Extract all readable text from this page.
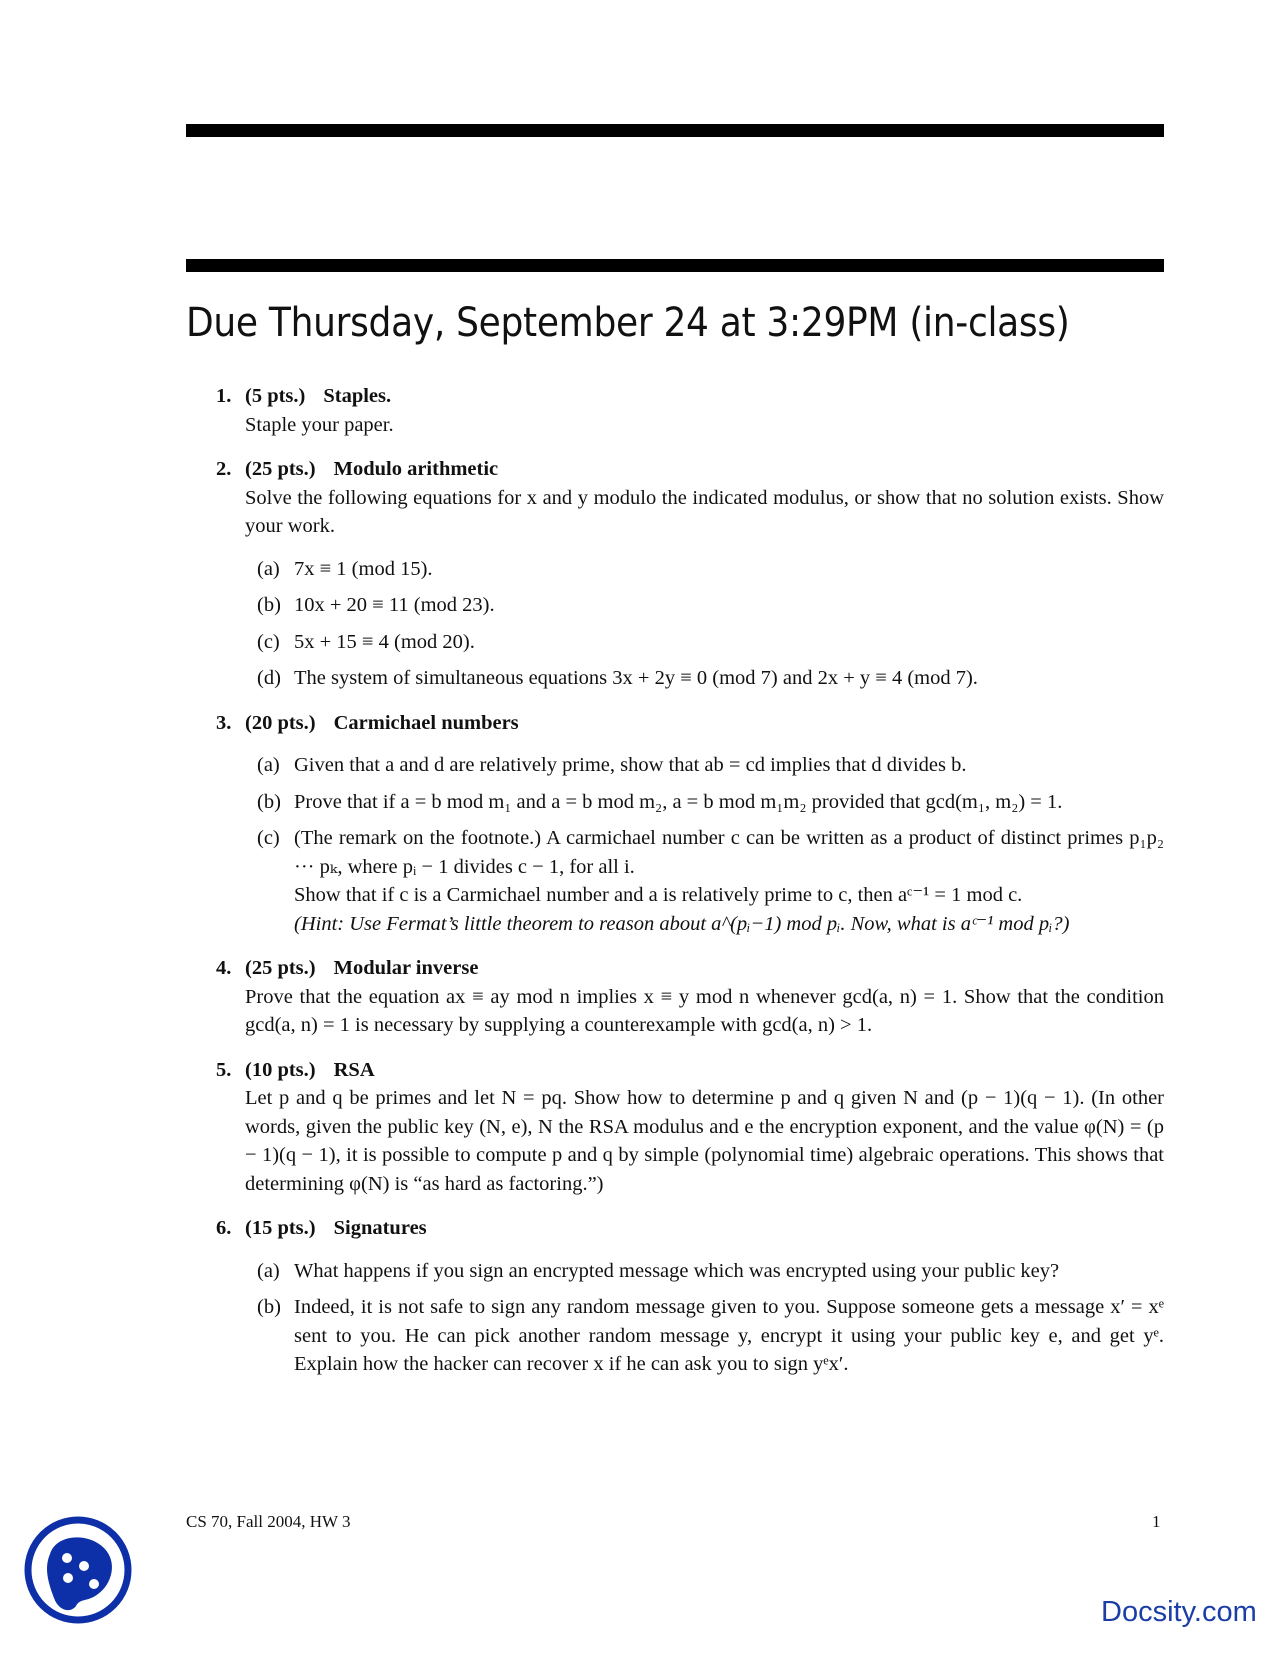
Due Thursday, September 24 at 3:29PM (in-class)
1. (5 pts.) Staples.
Staple your paper.
2. (25 pts.) Modulo arithmetic
Solve the following equations for x and y modulo the indicated modulus, or show that no solution exists. Show your work.
(a) 7x ≡ 1 (mod 15).
(b) 10x + 20 ≡ 11 (mod 23).
(c) 5x + 15 ≡ 4 (mod 20).
(d) The system of simultaneous equations 3x + 2y ≡ 0 (mod 7) and 2x + y ≡ 4 (mod 7).
3. (20 pts.) Carmichael numbers
(a) Given that a and d are relatively prime, show that ab = cd implies that d divides b.
(b) Prove that if a = b mod m₁ and a = b mod m₂, a = b mod m₁m₂ provided that gcd(m₁, m₂) = 1.
(c) (The remark on the footnote.) A carmichael number c can be written as a product of distinct primes p₁p₂ ··· pₖ, where pᵢ − 1 divides c − 1, for all i.

Show that if c is a Carmichael number and a is relatively prime to c, then aᶜ⁻¹ = 1 mod c.

(Hint: Use Fermat’s little theorem to reason about a^(pᵢ−1) mod pᵢ. Now, what is aᶜ⁻¹ mod pᵢ?)

4. (25 pts.) Modular inverse
Prove that the equation ax ≡ ay mod n implies x ≡ y mod n whenever gcd(a, n) = 1. Show that the condition gcd(a, n) = 1 is necessary by supplying a counterexample with gcd(a, n) > 1.
5. (10 pts.) RSA
Let p and q be primes and let N = pq. Show how to determine p and q given N and (p − 1)(q − 1). (In other words, given the public key (N, e), N the RSA modulus and e the encryption exponent, and the value φ(N) = (p − 1)(q − 1), it is possible to compute p and q by simple (polynomial time) algebraic operations. This shows that determining φ(N) is “as hard as factoring.”)
6. (15 pts.) Signatures
(a) What happens if you sign an encrypted message which was encrypted using your public key?
(b) Indeed, it is not safe to sign any random message given to you. Suppose someone gets a message x′ = xᵉ sent to you. He can pick another random message y, encrypt it using your public key e, and get yᵉ. Explain how the hacker can recover x if he can ask you to sign yᵉx′.
CS 70, Fall 2004, HW 3	1

Docsity.com
